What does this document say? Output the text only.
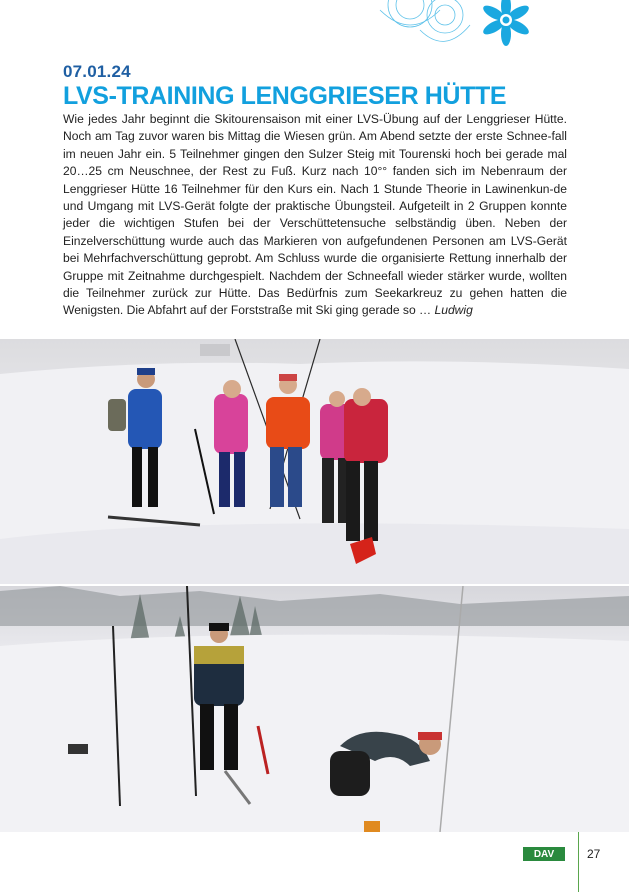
07.01.24
LVS-TRAINING LENGGRIESER HÜTTE
Wie jedes Jahr beginnt die Skitourensaison mit einer LVS-Übung auf der Lenggrieser Hütte. Noch am Tag zuvor waren bis Mittag die Wiesen grün. Am Abend setzte der erste Schnee-fall im neuen Jahr ein. 5 Teilnehmer gingen den Sulzer Steig mit Tourenski hoch bei gerade mal 20…25 cm Neuschnee, der Rest zu Fuß. Kurz nach 10°° fanden sich im Nebenraum der Lenggrieser Hütte 16 Teilnehmer für den Kurs ein. Nach 1 Stunde Theorie in Lawinenkun-de und Umgang mit LVS-Gerät folgte der praktische Übungsteil. Aufgeteilt in 2 Gruppen konnte jeder die wichtigen Stufen bei der Verschüttetensuche selbständig üben. Neben der Einzelverschüttung wurde auch das Markieren von aufgefundenen Personen am LVS-Gerät bei Mehrfachverschüttung geprobt. Am Schluss wurde die organisierte Rettung innerhalb der Gruppe mit Zeitnahme durchgespielt. Nachdem der Schneefall wieder stärker wurde, wollten die Teilnehmer zurück zur Hütte. Das Bedürfnis zum Seekarkreuz zu gehen hatten die Wenigsten. Die Abfahrt auf der Forststraße mit Ski ging gerade so … Ludwig
DAV	27
